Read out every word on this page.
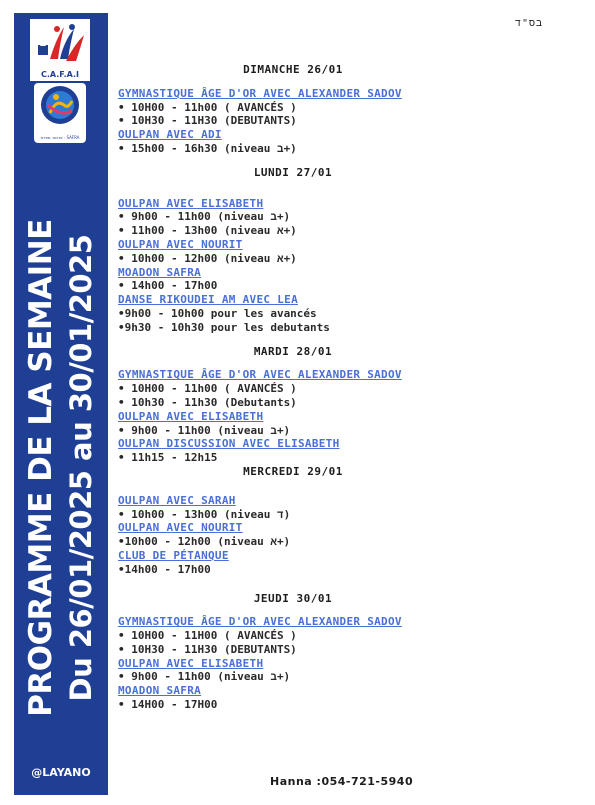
C.A.F.A.I
אדמור ספרא · SAFRA
PROGRAMME DE LA SEMAINE Du 26/01/2025 au 30/01/2025
@LAYANO
בס"ד
DIMANCHE 26/01
GYMNASTIQUE ÂGE D'OR AVEC ALEXANDER SADOV
• 10H00 - 11h00 ( AVANCÉS )
• 10H30 - 11H30 (DEBUTANTS)
OULPAN AVEC ADI
• 15h00 - 16h30 (niveau ב+)
LUNDI 27/01
OULPAN AVEC ELISABETH
• 9h00 - 11h00 (niveau ב+)
• 11h00 - 13h00 (niveau א+)
OULPAN AVEC NOURIT
• 10h00 - 12h00 (niveau א+)
MOADON SAFRA
• 14h00 - 17h00
DANSE RIKOUDEI AM AVEC LEA
•9h00 - 10h00 pour les avancés
•9h30 - 10h30 pour les debutants
MARDI 28/01
GYMNASTIQUE ÂGE D'OR AVEC ALEXANDER SADOV
• 10H00 - 11h00 ( AVANCÉS )
• 10h30 - 11h30 (Debutants)
OULPAN AVEC ELISABETH
• 9h00 - 11h00 (niveau ב+)
OULPAN DISCUSSION AVEC ELISABETH
• 11h15 - 12h15
MERCREDI 29/01
OULPAN AVEC SARAH
• 10h00 - 13h00 (niveau ד)
OULPAN AVEC NOURIT
•10h00 - 12h00 (niveau א+)
CLUB DE PÉTANQUE
•14h00 - 17h00
JEUDI 30/01
GYMNASTIQUE ÂGE D'OR AVEC ALEXANDER SADOV
• 10H00 - 11H00 ( AVANCÉS )
• 10H30 - 11H30 (DEBUTANTS)
OULPAN AVEC ELISABETH
• 9h00 - 11h00 (niveau ב+)
MOADON SAFRA
• 14H00 - 17H00
Hanna :054-721-5940
